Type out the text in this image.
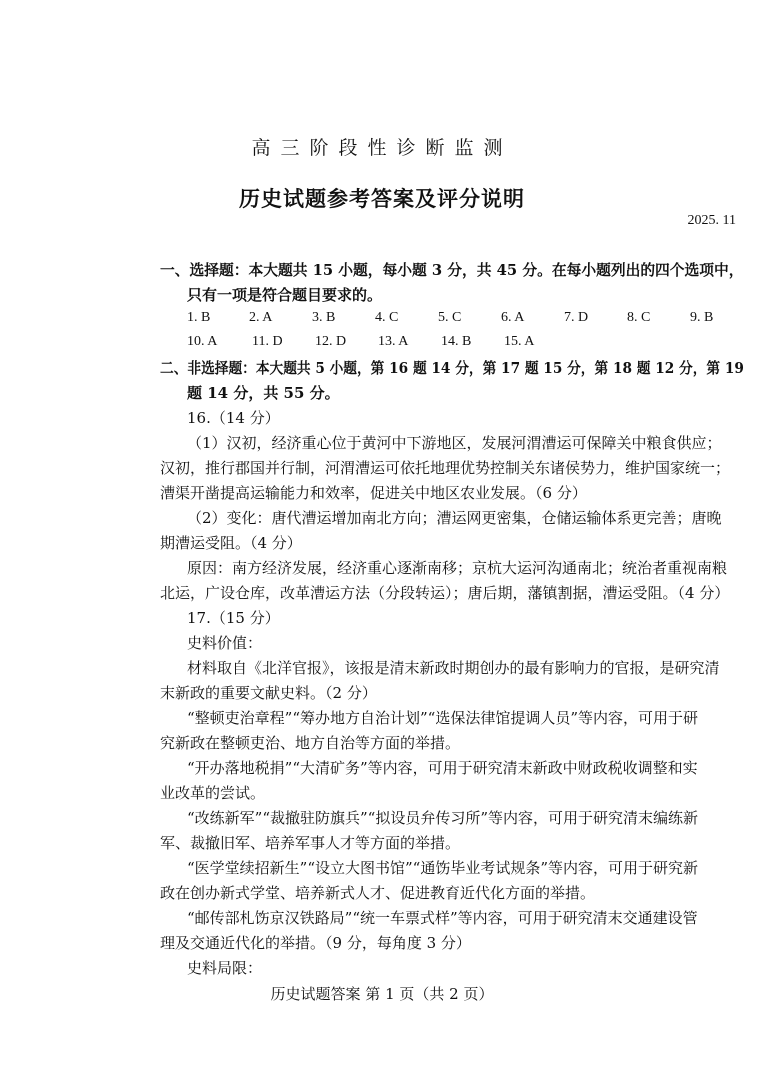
高三阶段性诊断监测
历史试题参考答案及评分说明
2025. 11
一、选择题：本大题共 15 小题，每小题 3 分，共 45 分。在每小题列出的四个选项中，
只有一项是符合题目要求的。
1. B	2. A	3. B	4. C	5. C	6. A	7. D	8. C	9. B
10. A 11. D 12. D 13. A 14. B 15. A
二、非选择题：本大题共 5 小题，第 16 题 14 分，第 17 题 15 分，第 18 题 12 分，第 19
题 14 分，共 55 分。
16.（14 分）
（1）汉初，经济重心位于黄河中下游地区，发展河渭漕运可保障关中粮食供应；
汉初，推行郡国并行制，河渭漕运可依托地理优势控制关东诸侯势力，维护国家统一；
漕渠开凿提高运输能力和效率，促进关中地区农业发展。（6 分）
（2）变化：唐代漕运增加南北方向；漕运网更密集，仓储运输体系更完善；唐晚
期漕运受阻。（4 分）
原因：南方经济发展，经济重心逐渐南移；京杭大运河沟通南北；统治者重视南粮
北运，广设仓库，改革漕运方法（分段转运）；唐后期，藩镇割据，漕运受阻。（4 分）
17.（15 分）
史料价值：
材料取自《北洋官报》，该报是清末新政时期创办的最有影响力的官报，是研究清
末新政的重要文献史料。（2 分）
“整顿吏治章程”“筹办地方自治计划”“选保法律馆提调人员”等内容，可用于研
究新政在整顿吏治、地方自治等方面的举措。
“开办落地税捐”“大清矿务”等内容，可用于研究清末新政中财政税收调整和实
业改革的尝试。
“改练新军”“裁撤驻防旗兵”“拟设员弁传习所”等内容，可用于研究清末编练新
军、裁撤旧军、培养军事人才等方面的举措。
“医学堂续招新生”“设立大图书馆”“通饬毕业考试规条”等内容，可用于研究新
政在创办新式学堂、培养新式人才、促进教育近代化方面的举措。
“邮传部札饬京汉铁路局”“统一车票式样”等内容，可用于研究清末交通建设管
理及交通近代化的举措。（9 分，每角度 3 分）
史料局限：
历史试题答案 第 1 页（共 2 页）
